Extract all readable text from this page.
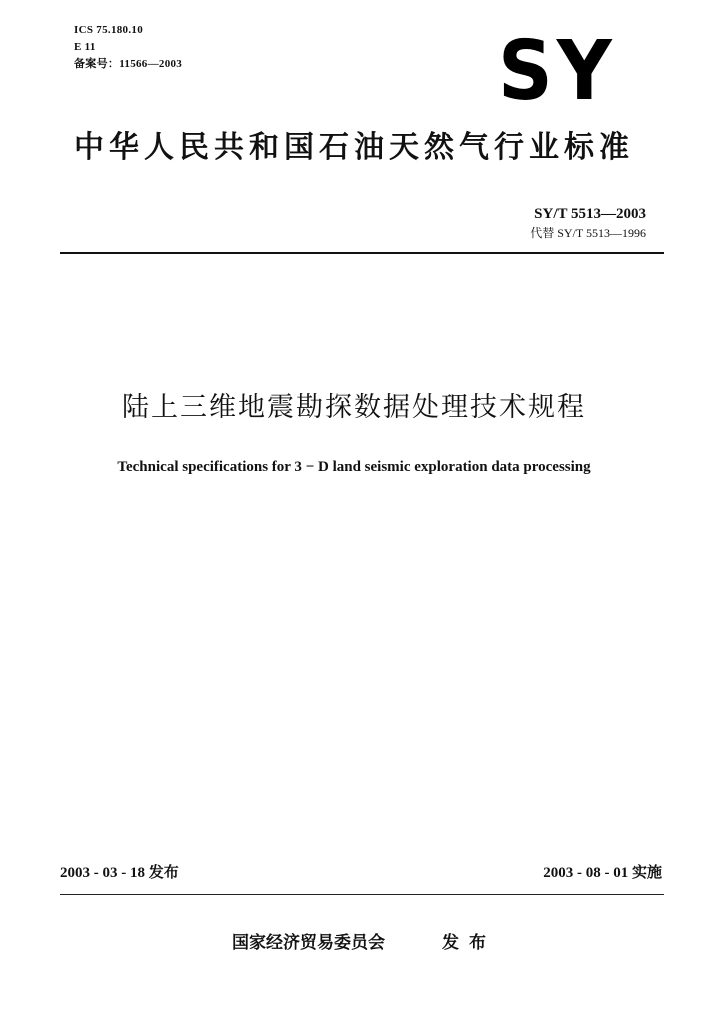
ICS 75.180.10
E 11
备案号：11566—2003	SY
中华人民共和国石油天然气行业标准
SY/T 5513—2003
代替 SY/T 5513—1996
陆上三维地震勘探数据处理技术规程
Technical specifications for 3 − D land seismic exploration data processing
2003 - 03 - 18 发布	2003 - 08 - 01 实施
国家经济贸易委员会	发布
